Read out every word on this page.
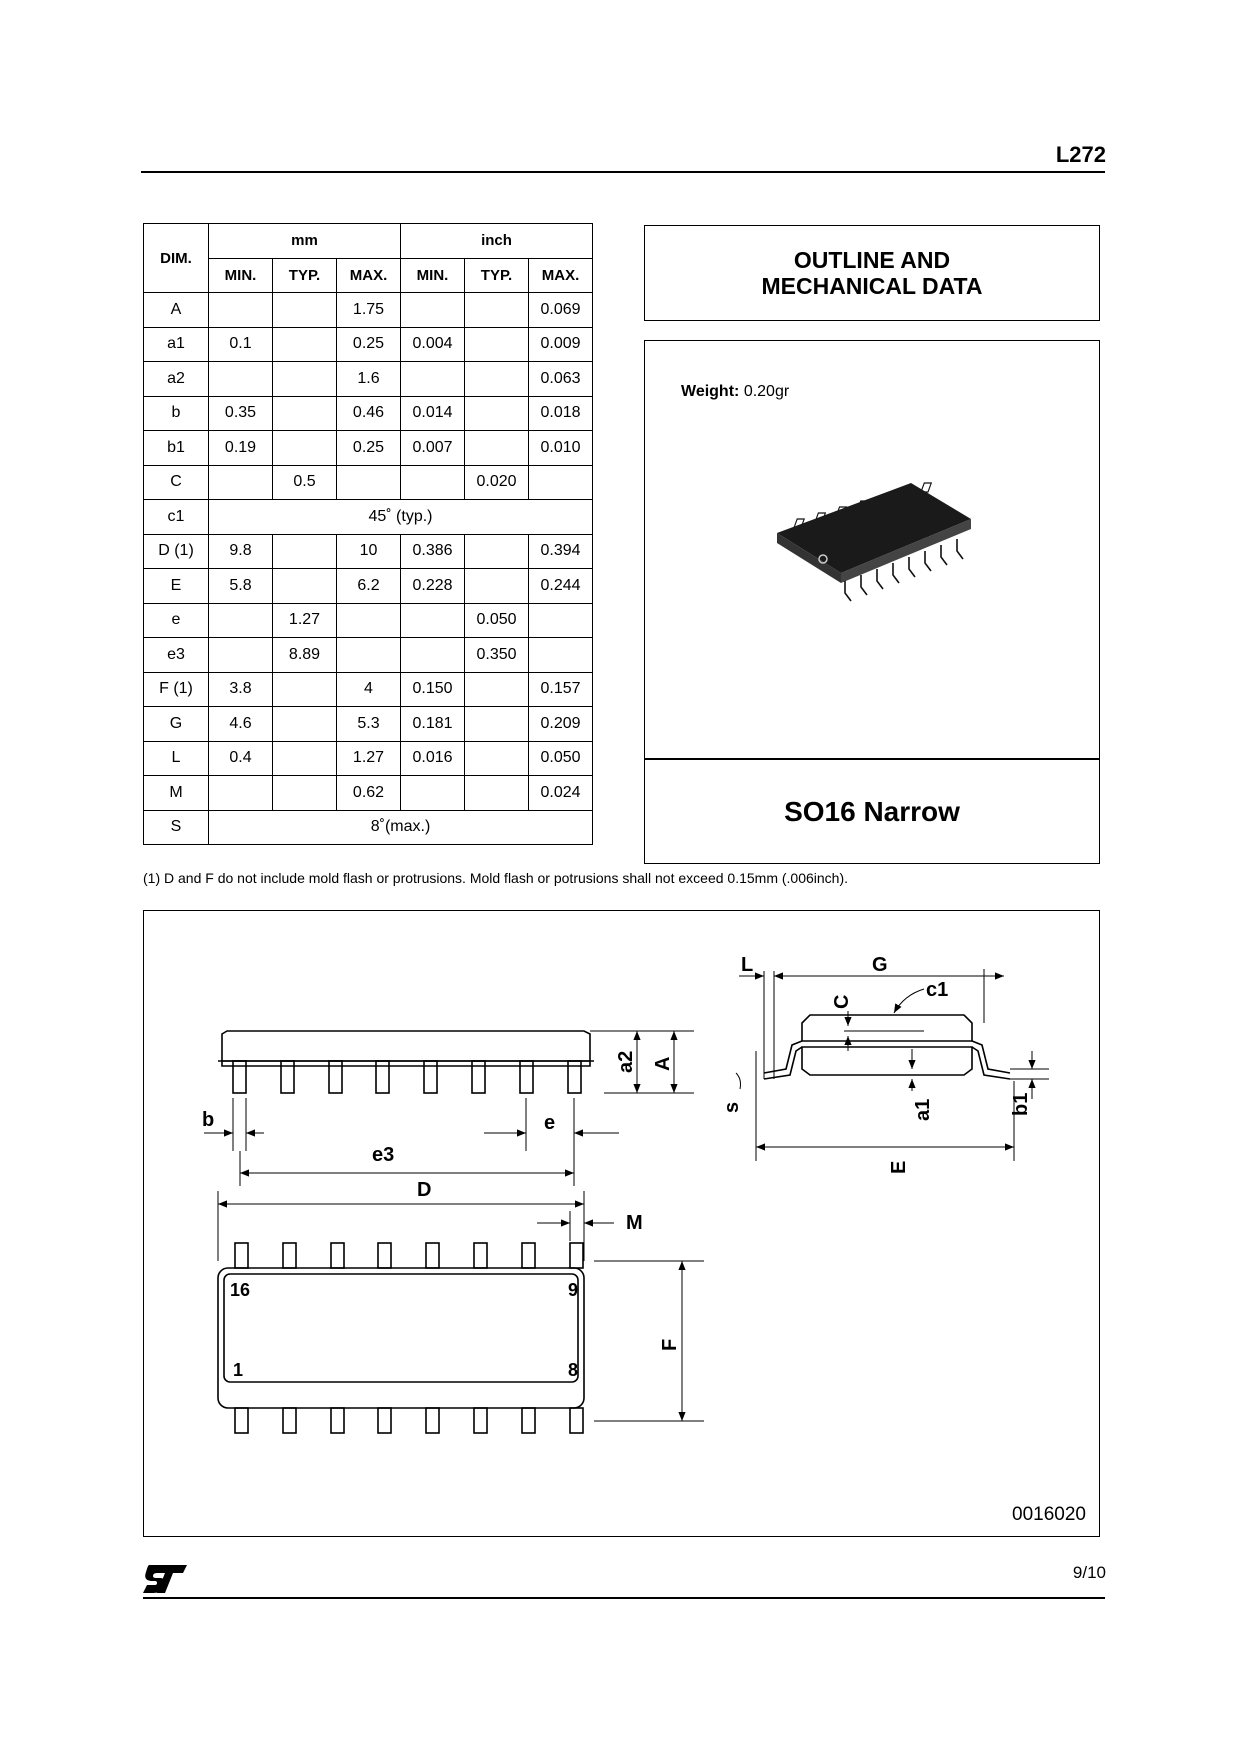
L272
DIM.	mm			inch		
	MIN.	TYP.	MAX.	MIN.	TYP.	MAX.
A			1.75			0.069
a1	0.1		0.25	0.004		0.009
a2			1.6			0.063
b	0.35		0.46	0.014		0.018
b1	0.19		0.25	0.007		0.010
C		0.5			0.020	
c1	45˚ (typ.)					
D (1)	9.8		10	0.386		0.394
E	5.8		6.2	0.228		0.244
e		1.27			0.050	
e3		8.89			0.350	
F (1)	3.8		4	0.150		0.157
G	4.6		5.3	0.181		0.209
L	0.4		1.27	0.016		0.050
M			0.62			0.024
S	8˚(max.)					
OUTLINE AND
MECHANICAL DATA
Weight: 0.20gr
SO16 Narrow
(1) D and F do not include mold flash or protrusions. Mold flash or potrusions shall not exceed 0.15mm (.006inch).
L	G
C
c1
a2 A
b	e
e3
s	a1	b1
E
D
M
F
16	9
1	8
0016020
9/10
